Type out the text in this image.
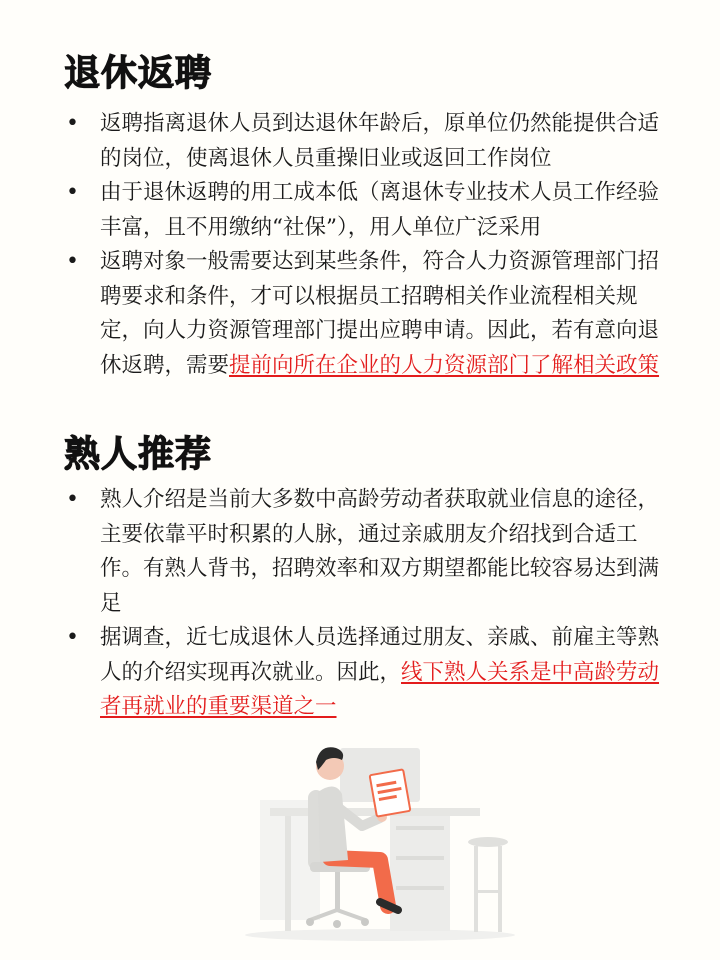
退休返聘
• 返聘指离退休人员到达退休年龄后，原单位仍然能提供合适的岗位，使离退休人员重操旧业或返回工作岗位
• 由于退休返聘的用工成本低（离退休专业技术人员工作经验丰富，且不用缴纳“社保”），用人单位广泛采用
• 返聘对象一般需要达到某些条件，符合人力资源管理部门招聘要求和条件，才可以根据员工招聘相关作业流程相关规定，向人力资源管理部门提出应聘申请。因此，若有意向退休返聘，需要提前向所在企业的人力资源部门了解相关政策
熟人推荐
• 熟人介绍是当前大多数中高龄劳动者获取就业信息的途径，主要依靠平时积累的人脉，通过亲戚朋友介绍找到合适工作。有熟人背书，招聘效率和双方期望都能比较容易达到满足
• 据调查，近七成退休人员选择通过朋友、亲戚、前雇主等熟人的介绍实现再次就业。因此，线下熟人关系是中高龄劳动者再就业的重要渠道之一
